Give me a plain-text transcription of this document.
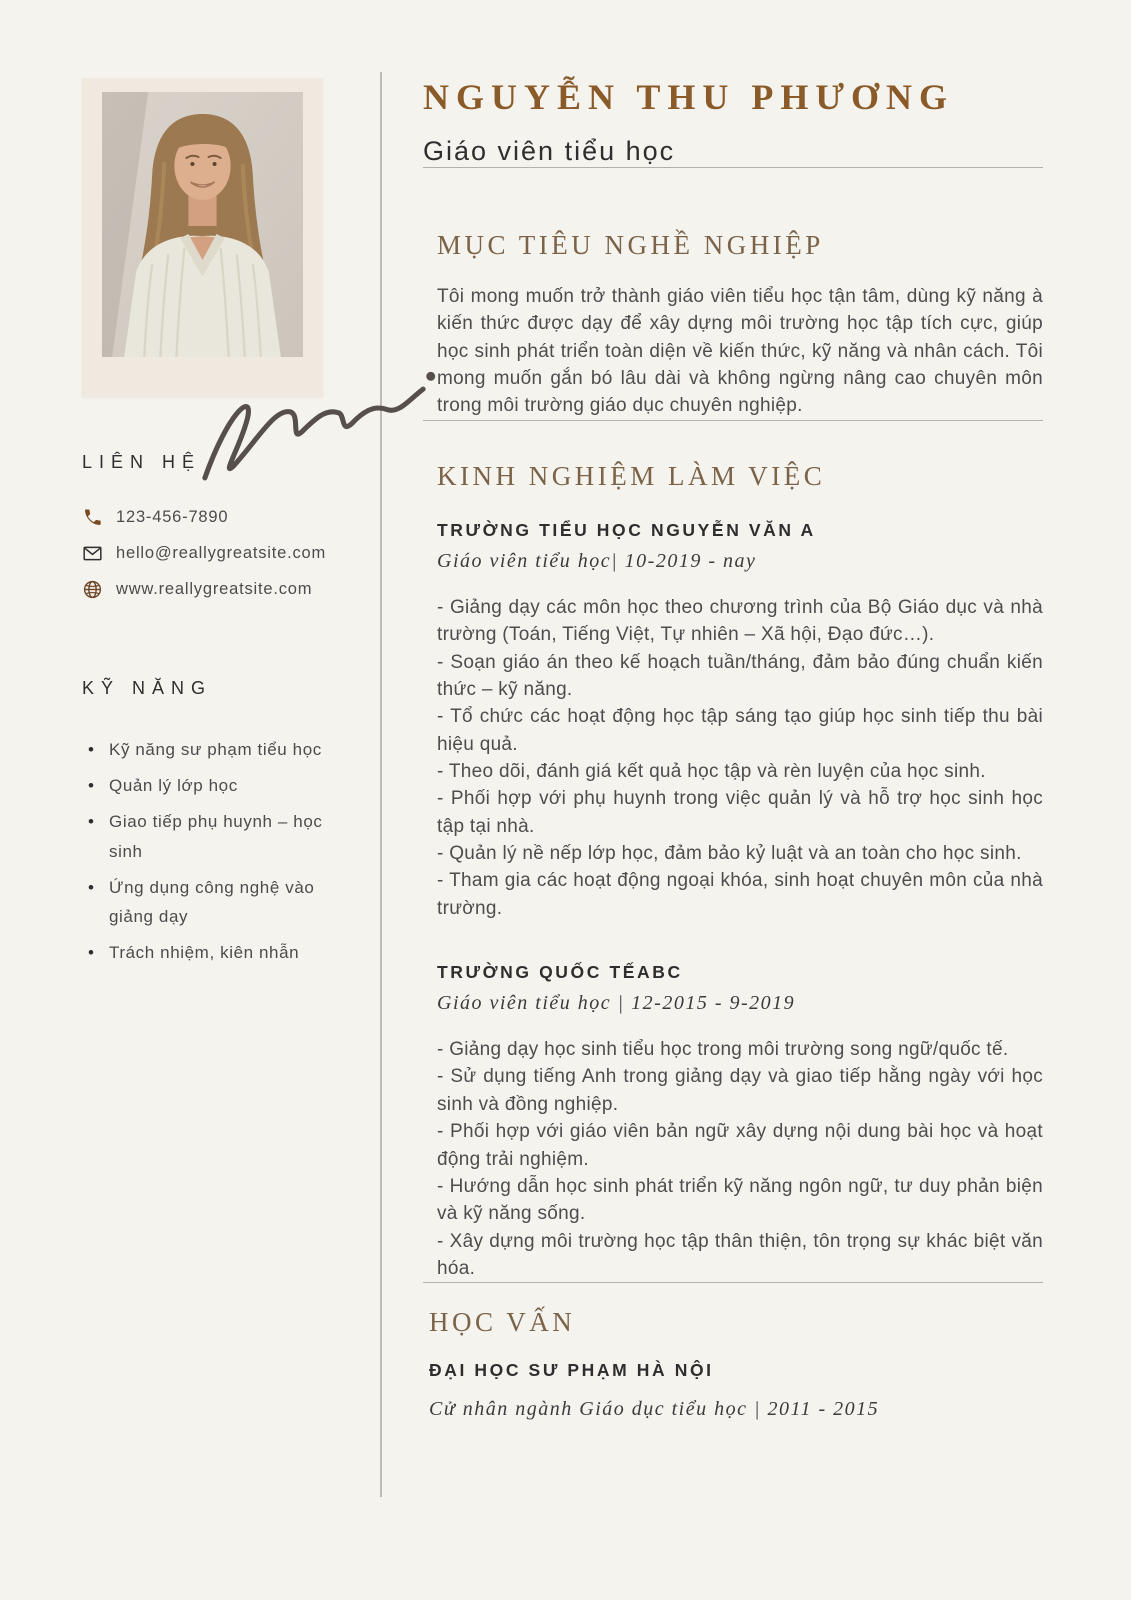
LIÊN HỆ
123-456-7890
hello@reallygreatsite.com
www.reallygreatsite.com
KỸ NĂNG
• Kỹ năng sư phạm tiểu học
• Quản lý lớp học
• Giao tiếp phụ huynh – học sinh
• Ứng dụng công nghệ vào giảng dạy
• Trách nhiệm, kiên nhẫn
NGUYỄN THU PHƯƠNG
Giáo viên tiểu học
MỤC TIÊU NGHỀ NGHIỆP

Tôi mong muốn trở thành giáo viên tiểu học tận tâm, dùng kỹ năng à kiến thức được dạy để xây dựng môi trường học tập tích cực, giúp học sinh phát triển toàn diện về kiến thức, kỹ năng và nhân cách. Tôi mong muốn gắn bó lâu dài và không ngừng nâng cao chuyên môn trong môi trường giáo dục chuyên nghiệp.

KINH NGHIỆM LÀM VIỆC
TRƯỜNG TIỂU HỌC NGUYỄN VĂN A
Giáo viên tiểu học| 10-2019 - nay

- Giảng dạy các môn học theo chương trình của Bộ Giáo dục và nhà trường (Toán, Tiếng Việt, Tự nhiên – Xã hội, Đạo đức…).

- Soạn giáo án theo kế hoạch tuần/tháng, đảm bảo đúng chuẩn kiến thức – kỹ năng.

- Tổ chức các hoạt động học tập sáng tạo giúp học sinh tiếp thu bài hiệu quả.

- Theo dõi, đánh giá kết quả học tập và rèn luyện của học sinh.

- Phối hợp với phụ huynh trong việc quản lý và hỗ trợ học sinh học tập tại nhà.

- Quản lý nề nếp lớp học, đảm bảo kỷ luật và an toàn cho học sinh.

- Tham gia các hoạt động ngoại khóa, sinh hoạt chuyên môn của nhà trường.

TRƯỜNG QUỐC TẾABC
Giáo viên tiểu học | 12-2015 - 9-2019

- Giảng dạy học sinh tiểu học trong môi trường song ngữ/quốc tế.

- Sử dụng tiếng Anh trong giảng dạy và giao tiếp hằng ngày với học sinh và đồng nghiệp.

- Phối hợp với giáo viên bản ngữ xây dựng nội dung bài học và hoạt động trải nghiệm.

- Hướng dẫn học sinh phát triển kỹ năng ngôn ngữ, tư duy phản biện và kỹ năng sống.

- Xây dựng môi trường học tập thân thiện, tôn trọng sự khác biệt văn hóa.

HỌC VẤN
ĐẠI HỌC SƯ PHẠM HÀ NỘI
Cử nhân ngành Giáo dục tiểu học | 2011 - 2015
